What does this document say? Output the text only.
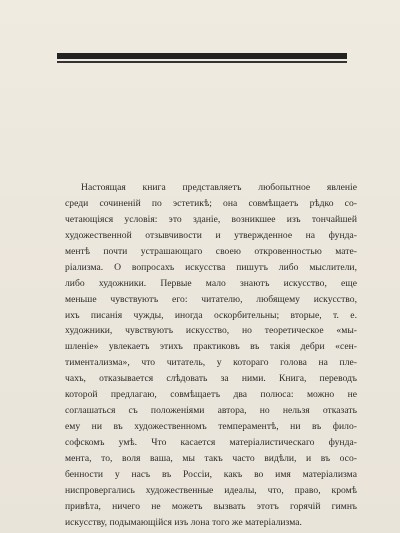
Настоящая книга представляетъ любопытное явленіе
среди сочиненій по эстетикѣ; она совмѣщаетъ рѣдко со-
четающіяся условія: это зданіе, возникшее изъ тончайшей
художественной отзывчивости и утвержденное на фунда-
ментѣ почти устрашающаго своею откровенностью мате-
ріализма. О вопросахъ искусства пишутъ либо мыслители,
либо художники. Первые мало знаютъ искусство, еще
меньше чувствуютъ его: читателю, любящему искусство,
ихъ писанія чужды, иногда оскорбительны; вторые, т. е.
художники, чувствуютъ искусство, но теоретическое «мы-
шленіе» увлекаетъ этихъ практиковъ въ такія дебри «сен-
тиментализма», что читатель, у котораго голова на пле-
чахъ, отказывается слѣдовать за ними. Книга, переводъ
которой предлагаю, совмѣщаетъ два полюса: можно не
соглашаться съ положеніями автора, но нельзя отказать
ему ни въ художественномъ темпераментѣ, ни въ фило-
софскомъ умѣ. Что касается матеріалистическаго фунда-
мента, то, воля ваша, мы такъ часто видѣли, и въ осо-
бенности у насъ въ Россіи, какъ во имя матеріализма
ниспровергались художественные идеалы, что, право, кромѣ
привѣта, ничего не можетъ вызвать этотъ горячій гимнъ
искусству, подымающійся изъ лона того же матеріализма.
